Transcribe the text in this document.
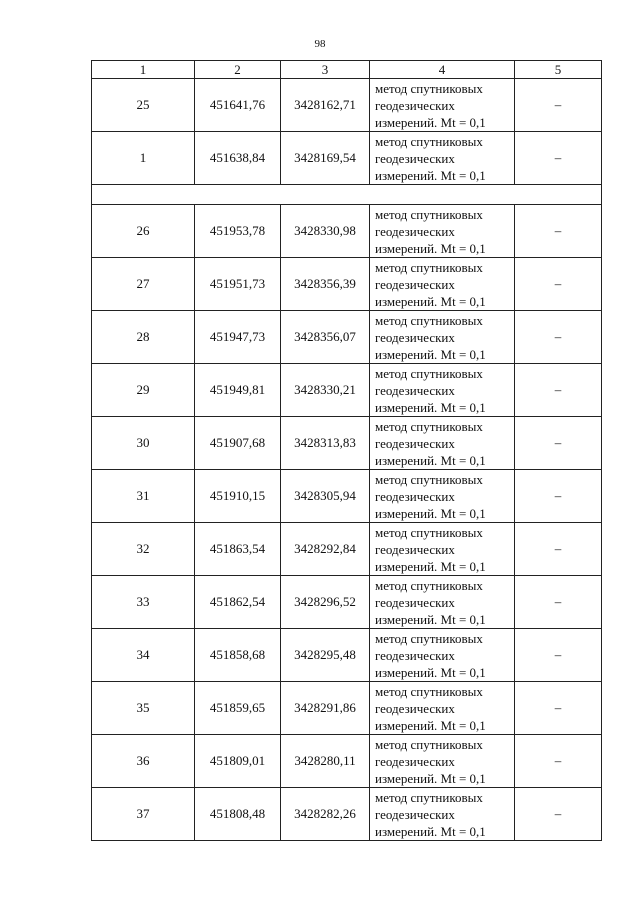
98
1	2	3	4	5
25	451641,76	3428162,71	метод спутниковых
геодезических
измерений. Mt = 0,1	–
1	451638,84	3428169,54	метод спутниковых
геодезических
измерений. Mt = 0,1	–

26	451953,78	3428330,98	метод спутниковых
геодезических
измерений. Mt = 0,1	–
27	451951,73	3428356,39	метод спутниковых
геодезических
измерений. Mt = 0,1	–
28	451947,73	3428356,07	метод спутниковых
геодезических
измерений. Mt = 0,1	–
29	451949,81	3428330,21	метод спутниковых
геодезических
измерений. Mt = 0,1	–
30	451907,68	3428313,83	метод спутниковых
геодезических
измерений. Mt = 0,1	–
31	451910,15	3428305,94	метод спутниковых
геодезических
измерений. Mt = 0,1	–
32	451863,54	3428292,84	метод спутниковых
геодезических
измерений. Mt = 0,1	–
33	451862,54	3428296,52	метод спутниковых
геодезических
измерений. Mt = 0,1	–
34	451858,68	3428295,48	метод спутниковых
геодезических
измерений. Mt = 0,1	–
35	451859,65	3428291,86	метод спутниковых
геодезических
измерений. Mt = 0,1	–
36	451809,01	3428280,11	метод спутниковых
геодезических
измерений. Mt = 0,1	–
37	451808,48	3428282,26	метод спутниковых
геодезических
измерений. Mt = 0,1	–
